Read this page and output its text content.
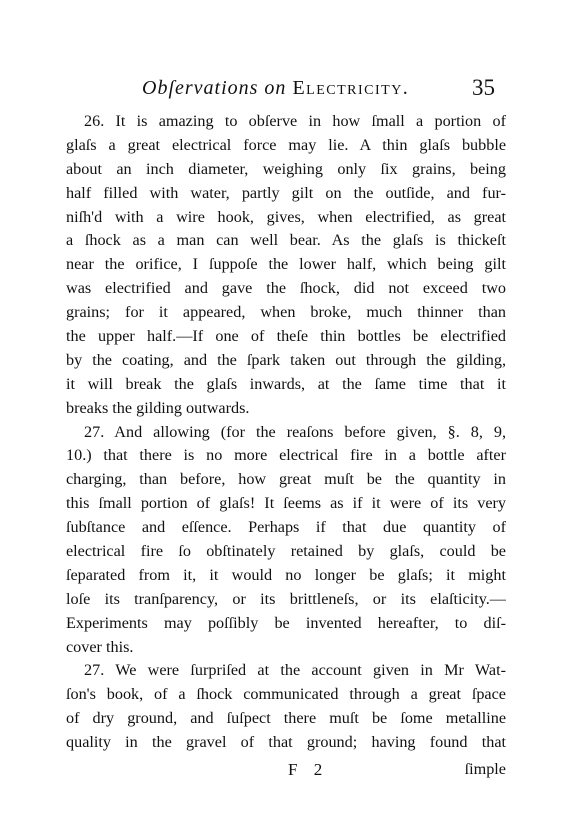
Obſervations on Electricity.	35
26. It is amazing to obſerve in how ſmall a portion of
glaſs a great electrical force may lie. A thin glaſs bubble
about an inch diameter, weighing only ſix grains, being
half filled with water, partly gilt on the outſide, and fur-
niſh'd with a wire hook, gives, when electrified, as great
a ſhock as a man can well bear. As the glaſs is thickeſt
near the orifice, I ſuppoſe the lower half, which being gilt
was electrified and gave the ſhock, did not exceed two
grains; for it appeared, when broke, much thinner than
the upper half.—If one of theſe thin bottles be electrified
by the coating, and the ſpark taken out through the gilding,
it will break the glaſs inwards, at the ſame time that it
breaks the gilding outwards.
27. And allowing (for the reaſons before given, §. 8, 9,
10.) that there is no more electrical fire in a bottle after
charging, than before, how great muſt be the quantity in
this ſmall portion of glaſs! It ſeems as if it were of its very
ſubſtance and eſſence. Perhaps if that due quantity of
electrical fire ſo obſtinately retained by glaſs, could be
ſeparated from it, it would no longer be glaſs; it might
loſe its tranſparency, or its brittleneſs, or its elaſticity.—
Experiments may poſſibly be invented hereafter, to diſ-
cover this.
27. We were ſurpriſed at the account given in Mr Wat-
ſon's book, of a ſhock communicated through a great ſpace
of dry ground, and ſuſpect there muſt be ſome metalline
quality in the gravel of that ground; having found that
F 2	ſimple
